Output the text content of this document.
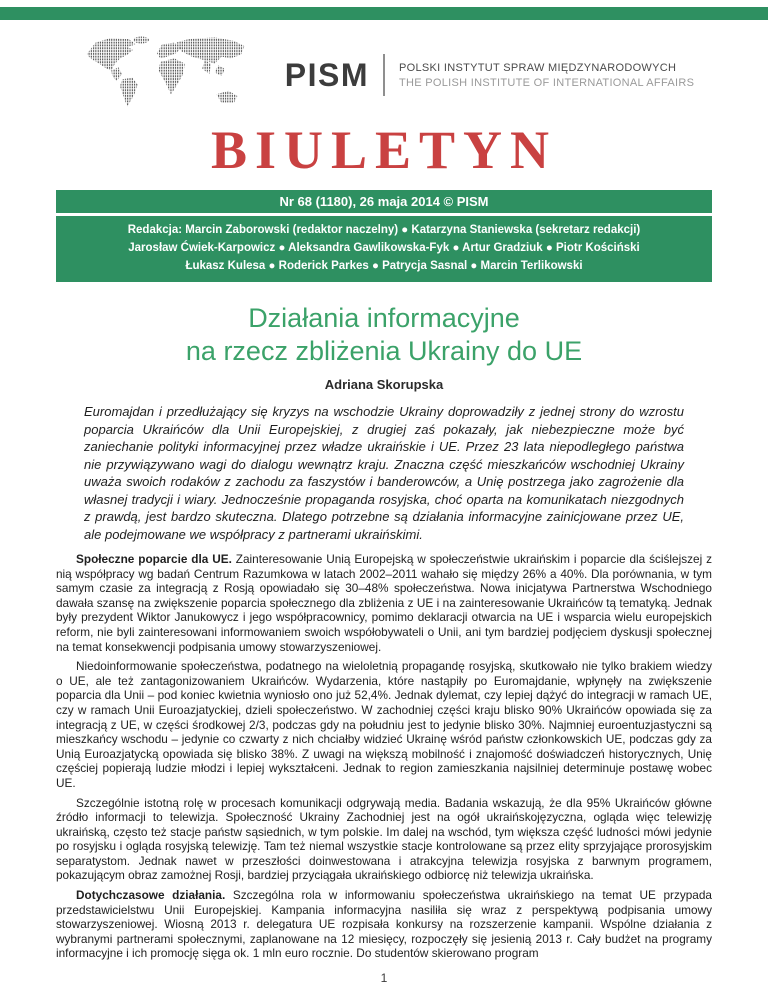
PISM	POLSKI INSTYTUT SPRAW MIĘDZYNARODOWYCH
THE POLISH INSTITUTE OF INTERNATIONAL AFFAIRS
BIULETYN
Nr 68 (1180), 26 maja 2014 © PISM
Redakcja: Marcin Zaborowski (redaktor naczelny) ● Katarzyna Staniewska (sekretarz redakcji)
Jarosław Ćwiek-Karpowicz ● Aleksandra Gawlikowska-Fyk ● Artur Gradziuk ● Piotr Kościński
Łukasz Kulesa ● Roderick Parkes ● Patrycja Sasnal ● Marcin Terlikowski
Działania informacyjne
na rzecz zbliżenia Ukrainy do UE
Adriana Skorupska

Euromajdan i przedłużający się kryzys na wschodzie Ukrainy doprowadziły z jednej strony do wzrostu poparcia Ukraińców dla Unii Europejskiej, z drugiej zaś pokazały, jak niebezpieczne może być zaniechanie polityki informacyjnej przez władze ukraińskie i UE. Przez 23 lata niepodległego państwa nie przywiązywano wagi do dialogu wewnątrz kraju. Znaczna część mieszkańców wschodniej Ukrainy uważa swoich rodaków z zachodu za faszystów i banderowców, a Unię postrzega jako zagrożenie dla własnej tradycji i wiary. Jednocześnie propaganda rosyjska, choć oparta na komunikatach niezgodnych z prawdą, jest bardzo skuteczna. Dlatego potrzebne są działania informacyjne zainicjowane przez UE, ale podejmowane we współpracy z partnerami ukraińskimi.

Społeczne poparcie dla UE. Zainteresowanie Unią Europejską w społeczeństwie ukraińskim i poparcie dla ściślejszej z nią współpracy wg badań Centrum Razumkowa w latach 2002–2011 wahało się między 26% a 40%. Dla porównania, w tym samym czasie za integracją z Rosją opowiadało się 30–48% społeczeństwa. Nowa inicjatywa Partnerstwa Wschodniego dawała szansę na zwiększenie poparcia społecznego dla zbliżenia z UE i na zainteresowanie Ukraińców tą tematyką. Jednak były prezydent Wiktor Janukowycz i jego współpracownicy, pomimo deklaracji otwarcia na UE i wsparcia wielu europejskich reform, nie byli zainteresowani informowaniem swoich współobywateli o Unii, ani tym bardziej podjęciem dyskusji społecznej na temat konsekwencji podpisania umowy stowarzyszeniowej.

Niedoinformowanie społeczeństwa, podatnego na wieloletnią propagandę rosyjską, skutkowało nie tylko brakiem wiedzy o UE, ale też zantagonizowaniem Ukraińców. Wydarzenia, które nastąpiły po Euromajdanie, wpłynęły na zwiększenie poparcia dla Unii – pod koniec kwietnia wyniosło ono już 52,4%. Jednak dylemat, czy lepiej dążyć do integracji w ramach UE, czy w ramach Unii Euroazjatyckiej, dzieli społeczeństwo. W zachodniej części kraju blisko 90% Ukraińców opowiada się za integracją z UE, w części środkowej 2/3, podczas gdy na południu jest to jedynie blisko 30%. Najmniej euroentuzjastyczni są mieszkańcy wschodu – jedynie co czwarty z nich chciałby widzieć Ukrainę wśród państw członkowskich UE, podczas gdy za Unią Euroazjatycką opowiada się blisko 38%. Z uwagi na większą mobilność i znajomość doświadczeń historycznych, Unię częściej popierają ludzie młodzi i lepiej wykształceni. Jednak to region zamieszkania najsilniej determinuje postawę wobec UE.

Szczególnie istotną rolę w procesach komunikacji odgrywają media. Badania wskazują, że dla 95% Ukraińców główne źródło informacji to telewizja. Społeczność Ukrainy Zachodniej jest na ogół ukraińskojęzyczna, ogląda więc telewizję ukraińską, często też stacje państw sąsiednich, w tym polskie. Im dalej na wschód, tym większa część ludności mówi jedynie po rosyjsku i ogląda rosyjską telewizję. Tam też niemal wszystkie stacje kontrolowane są przez elity sprzyjające prorosyjskim separatystom. Jednak nawet w przeszłości doinwestowana i atrakcyjna telewizja rosyjska z barwnym programem, pokazującym obraz zamożnej Rosji, bardziej przyciągała ukraińskiego odbiorcę niż telewizja ukraińska.

Dotychczasowe działania. Szczególna rola w informowaniu społeczeństwa ukraińskiego na temat UE przypada przedstawicielstwu Unii Europejskiej. Kampania informacyjna nasiliła się wraz z perspektywą podpisania umowy stowarzyszeniowej. Wiosną 2013 r. delegatura UE rozpisała konkursy na rozszerzenie kampanii. Wspólne działania z wybranymi partnerami społecznymi, zaplanowane na 12 miesięcy, rozpoczęły się jesienią 2013 r. Cały budżet na programy informacyjne i ich promocję sięga ok. 1 mln euro rocznie. Do studentów skierowano program

1
